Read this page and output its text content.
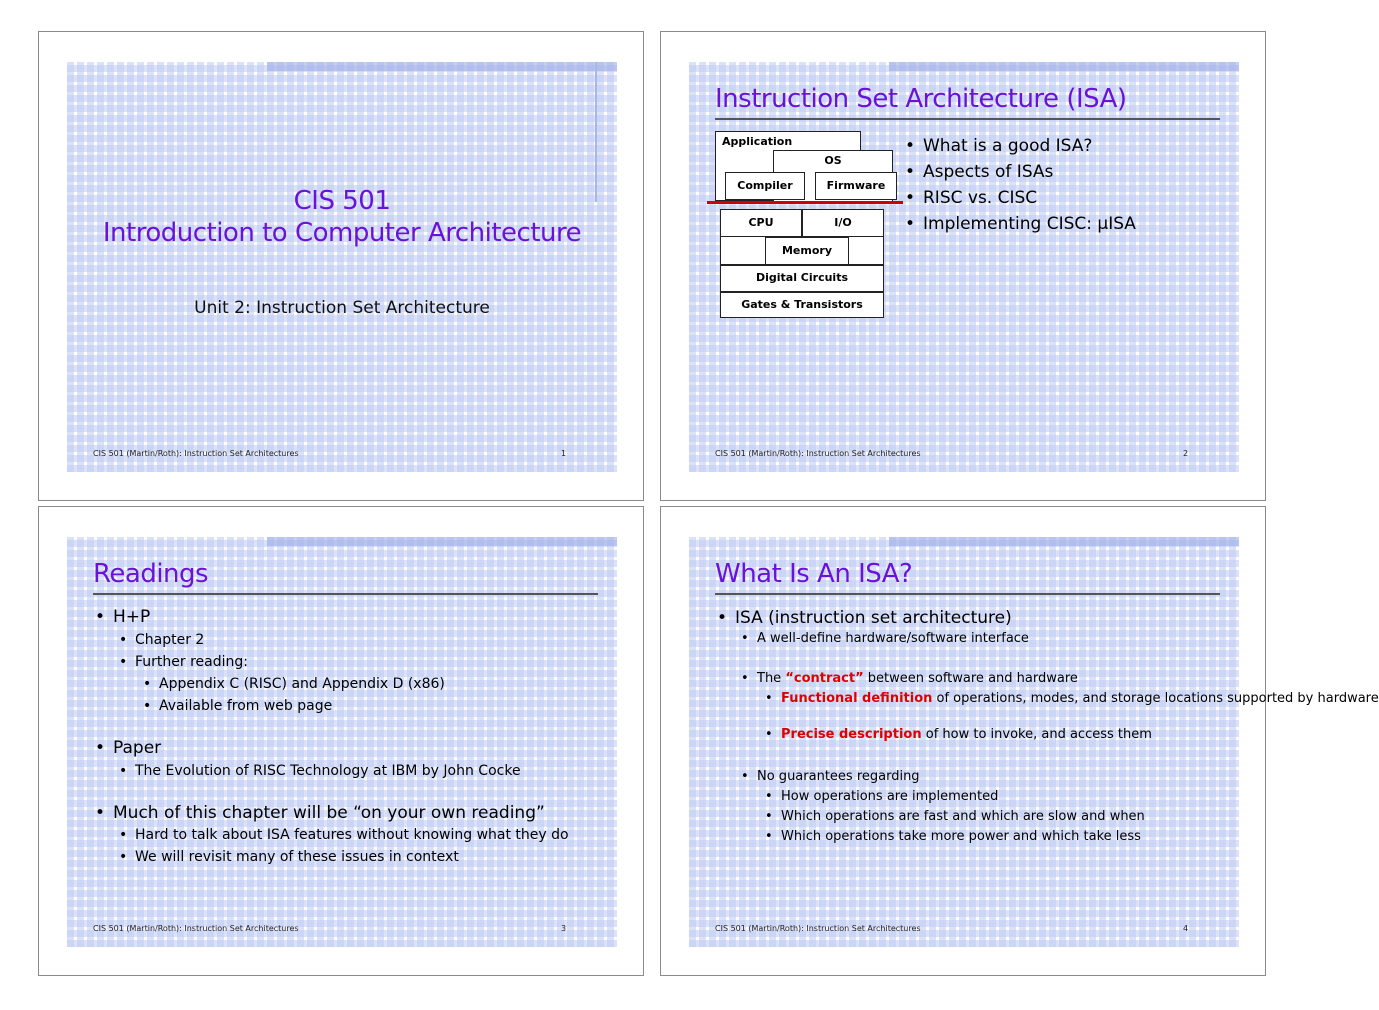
CIS 501
Introduction to Computer Architecture
Unit 2: Instruction Set Architecture
CIS 501 (Martin/Roth): Instruction Set Architectures	1
Instruction Set Architecture (ISA)
Application
OS
Compiler	Firmware
CPU	I/O
Memory
Digital Circuits
Gates & Transistors
• What is a good ISA?
• Aspects of ISAs
• RISC vs. CISC
• Implementing CISC: μISA
CIS 501 (Martin/Roth): Instruction Set Architectures	2
Readings
• H+P
• Chapter 2
• Further reading:
• Appendix C (RISC) and Appendix D (x86)
• Available from web page
• Paper
• The Evolution of RISC Technology at IBM by John Cocke
• Much of this chapter will be “on your own reading”
• Hard to talk about ISA features without knowing what they do
• We will revisit many of these issues in context
CIS 501 (Martin/Roth): Instruction Set Architectures	3
What Is An ISA?
• ISA (instruction set architecture)
• A well-define hardware/software interface
• The “contract” between software and hardware
• Functional definition of operations, modes, and storage locations supported by hardware
• Precise description of how to invoke, and access them
• No guarantees regarding
• How operations are implemented
• Which operations are fast and which are slow and when
• Which operations take more power and which take less
CIS 501 (Martin/Roth): Instruction Set Architectures	4
